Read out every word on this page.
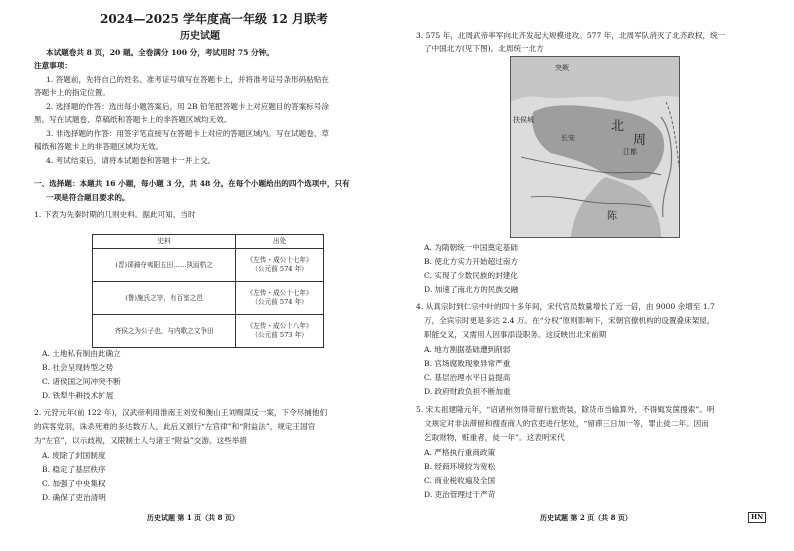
2024—2025 学年度高一年级 12 月联考
历史试题
本试题卷共 8 页，20 题。全卷满分 100 分，考试用时 75 分钟。
注意事项：
1. 答题前，先将自己的姓名、准考证号填写在答题卡上，并将准考证号条形码粘贴在
答题卡上的指定位置。
2. 选择题的作答：选出每小题答案后，用 2B 铅笔把答题卡上对应题目的答案标号涂
黑。写在试题卷、草稿纸和答题卡上的非答题区域均无效。
3. 非选择题的作答：用签字笔直接写在答题卡上对应的答题区域内。写在试题卷、草
稿纸和答题卡上的非答题区域均无效。
4. 考试结束后，请将本试题卷和答题卡一并上交。
一、选择题：本题共 16 小题，每小题 3 分，共 48 分。在每个小题给出的四个选项中，只有
一项是符合题目要求的。
1. 下表为先秦时期的几则史料。据此可知，当时
史料	出处
(晋)郤錡夺夷阳五田……执而梏之	《左传・成公十七年》
（公元前 574 年）
(鲁)施氏之宰，有百室之邑	《左传・成公十七年》
（公元前 574 年）
齐侯之为公子也，与内歌之文争田	《左传・成公十八年》
（公元前 573 年）
A. 土地私有制由此确立
B. 社会呈现转型之势
C. 诸侯国之间冲突不断
D. 铁犁牛耕技术扩展
2. 元狩元年(前 122 年)，汉武帝利用淮南王刘安和衡山王刘赐谋反一案，下令尽捕他们
的宾客党羽，诛杀死难的多达数万人。此后又颁行“左官律”和“附益法”，规定王国官
为“左官”，以示歧视，又限制士人与诸王“附益”交游。这些举措
A. 废除了封国制度
B. 稳定了基层秩序
C. 加强了中央集权
D. 确保了吏治清明
历史试题 第 1 页（共 8 页）
3. 575 年，北周武帝率军向北齐发起大规模进攻。577 年，北周军队消灭了北齐政权，统一
了中国北方(见下图)。北周统一北方
突厥
北
周
长安
扶侯城
江都
陈
A. 为隋朝统一中国奠定基础
B. 使北方实力开始超过南方
C. 实现了少数民族的封建化
D. 加速了南北方的民族交融
4. 从真宗时到仁宗中叶的四十多年间，宋代官员数量增长了近一倍，由 9000 余增至 1.7
万，全宾宗时更是多达 2.4 万。在“分权”原则影响下，宋朝官僚机构的设置叠床架屋，
职能交叉，又需用人因事添设职务。这反映出北宋前期
A. 地方割据基础遭到削弱
B. 官场腐败现象异常严重
C. 基层治理水平日益提高
D. 政府财政负担不断加重
5. 宋太祖建隆元年，“诏诸州勿得苛留行旅赍装，除货币当输算外，不得辄发箧搜索”。明
文规定对非法滞留和搜查商人的官吏进行惩处，“留滞三日加一等，罪止徒二年。因而
乞取财物，赃重者，徒一年”。这表明宋代
A. 严格执行重商政策
B. 经商环境较为宽松
C. 商业税收遍及全国
D. 吏治管理过于严苛
历史试题 第 2 页（共 8 页）	HN
